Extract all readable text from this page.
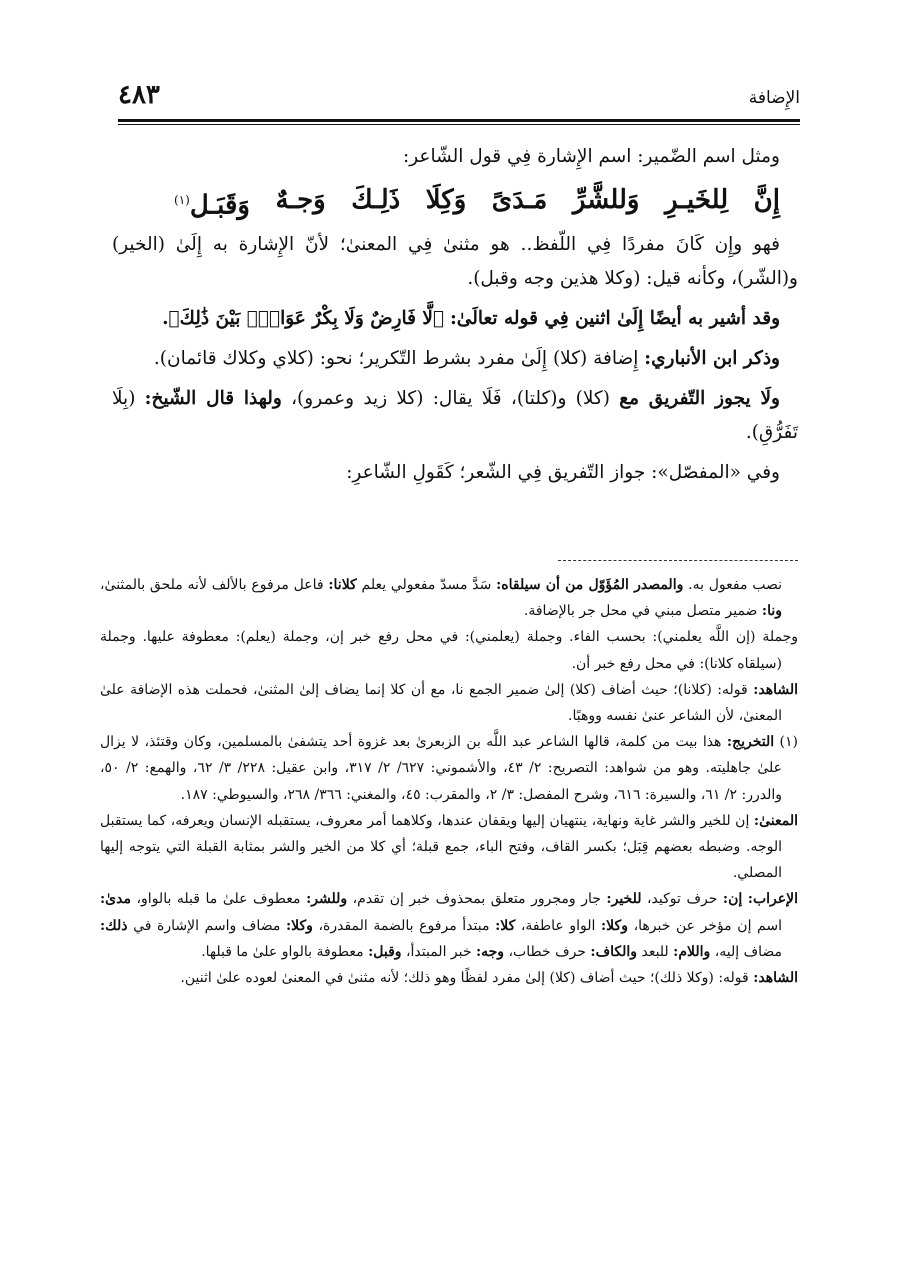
الإِضافة
٤٨٣

ومثل اسم الضّمير: اسم الإِشارة فِي قول الشّاعر:

إِنَّ
لِلخَيـرِ
وَللشَّرِّ
مَـدَىً
وَكِلَا
ذَلِـكَ
وَجـهٌ
وَقَبَـل$^{(١)}$

فهو وإِن كَانَ مفردًا فِي اللّفظ.. هو مثنىٰ فِي المعنىٰ؛ لأنّ الإِشارة به إِلَىٰ (الخير) و(الشّر)، وكأنه قيل: (وكلا هذين وجه وقبل).

وقد أشير به أيضًا إِلَىٰ اثنين فِي قوله تعالَىٰ: ﴿لَّا فَارِضٌ وَلَا بِكْرٌ عَوَانٌۢ بَيْنَ ذَٰلِكَ﴾.

وذكر ابن الأنباري: إِضافة (كلا) إِلَىٰ مفرد بشرط التّكرير؛ نحو: (كلاي وكلاك قائمان).

ولَا يجوز التّفريق مع (كلا) و(كلتا)، فَلَا يقال: (كلا زيد وعمرو)، ولهذا قال الشّيخ: (بِلَا تَفَرُّقِ).

وفي «المفصّل»: جواز التّفريق فِي الشّعر؛ كَقَولِ الشّاعرِ:

نصب مفعول به. والمصدر المُؤَوّل من أن سيلقاه: سَدَّ مسدّ مفعولي يعلم كلانا: فاعل مرفوع بالألف لأنه ملحق بالمثنىٰ، ونا: ضمير متصل مبني في محل جر بالإضافة.

وجملة (إن اللَّه يعلمني): بحسب الفاء. وجملة (يعلمني): في محل رفع خبر إن، وجملة (يعلم): معطوفة عليها. وجملة (سيلقاه كلانا): في محل رفع خبر أن.

الشاهد: قوله: (كلانا)؛ حيث أضاف (كلا) إلىٰ ضمير الجمع نا، مع أن كلا إنما يضاف إلىٰ المثنىٰ، فحملت هذه الإضافة علىٰ المعنىٰ، لأن الشاعر عنىٰ نفسه ووهبًا.

(١) التخريج: هذا بيت من كلمة، قالها الشاعر عبد اللَّه بن الزبعرىٰ بعد غزوة أحد يتشفىٰ بالمسلمين، وكان وقتئذ، لا يزال علىٰ جاهليته. وهو من شواهد: التصريح: ٢/ ٤٣، والأشموني: ٦٢٧/ ٢/ ٣١٧، وابن عقيل: ٢٢٨/ ٣/ ٦٢، والهمع: ٢/ ٥٠، والدرر: ٢/ ٦١، والسيرة: ٦١٦، وشرح المفصل: ٣/ ٢، والمقرب: ٤٥، والمغني: ٣٦٦/ ٢٦٨، والسيوطي: ١٨٧.

المعنىٰ: إن للخير والشر غاية ونهاية، ينتهيان إليها ويقفان عندها، وكلاهما أمر معروف، يستقبله الإنسان ويعرفه، كما يستقبل الوجه. وضبطه بعضهم قِبَل؛ بكسر القاف، وفتح الباء، جمع قبلة؛ أي كلا من الخير والشر بمثابة القبلة التي يتوجه إليها المصلي.

الإعراب: إن: حرف توكيد، للخير: جار ومجرور متعلق بمحذوف خبر إن تقدم، وللشر: معطوف علىٰ ما قبله بالواو، مدىٰ: اسم إن مؤخر عن خبرها، وكلا: الواو عاطفة، كلا: مبتدأ مرفوع بالضمة المقدرة، وكلا: مضاف واسم الإشارة في ذلك: مضاف إليه، واللام: للبعد والكاف: حرف خطاب، وجه: خبر المبتدأ، وقبل: معطوفة بالواو علىٰ ما قبلها.

الشاهد: قوله: (وكلا ذلك)؛ حيث أضاف (كلا) إلىٰ مفرد لفظًا وهو ذلك؛ لأنه مثنىٰ في المعنىٰ لعوده علىٰ اثنين.
